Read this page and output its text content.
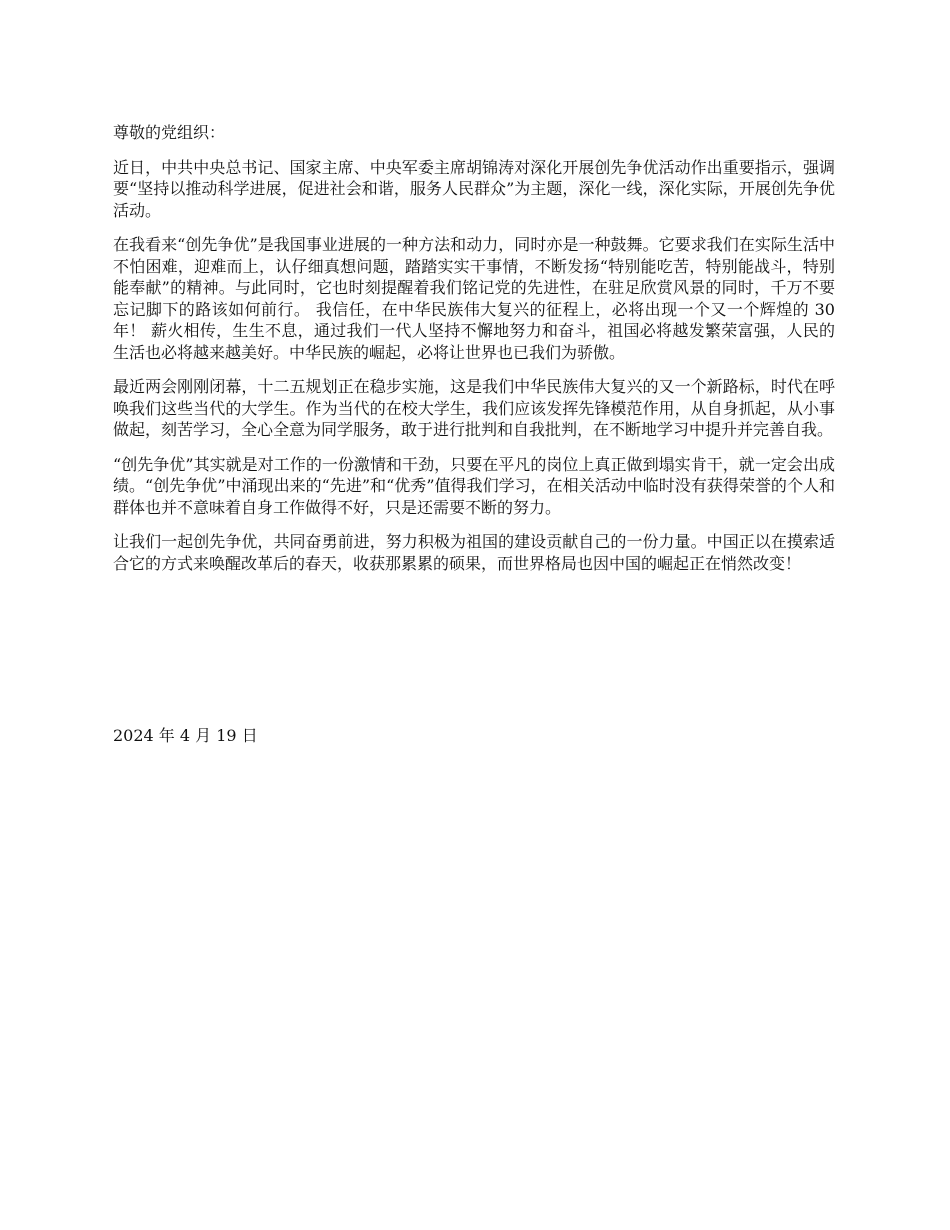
尊敬的党组织：

近日，中共中央总书记、国家主席、中央军委主席胡锦涛对深化开展创先争优活动作出重要指示，强调要“坚持以推动科学进展，促进社会和谐，服务人民群众”为主题，深化一线，深化实际，开展创先争优活动。

在我看来“创先争优”是我国事业进展的一种方法和动力，同时亦是一种鼓舞。它要求我们在实际生活中不怕困难，迎难而上，认仔细真想问题，踏踏实实干事情，不断发扬“特别能吃苦，特别能战斗，特别能奉献”的精神。与此同时，它也时刻提醒着我们铭记党的先进性，在驻足欣赏风景的同时，千万不要忘记脚下的路该如何前行。 我信任，在中华民族伟大复兴的征程上，必将出现一个又一个辉煌的 30 年！ 薪火相传，生生不息，通过我们一代人坚持不懈地努力和奋斗，祖国必将越发繁荣富强，人民的生活也必将越来越美好。中华民族的崛起，必将让世界也已我们为骄傲。

最近两会刚刚闭幕，十二五规划正在稳步实施，这是我们中华民族伟大复兴的又一个新路标，时代在呼唤我们这些当代的大学生。作为当代的在校大学生，我们应该发挥先锋模范作用，从自身抓起，从小事做起，刻苦学习，全心全意为同学服务，敢于进行批判和自我批判，在不断地学习中提升并完善自我。

“创先争优”其实就是对工作的一份激情和干劲，只要在平凡的岗位上真正做到塌实肯干，就一定会出成绩。“创先争优”中涌现出来的“先进”和“优秀”值得我们学习，在相关活动中临时没有获得荣誉的个人和群体也并不意味着自身工作做得不好，只是还需要不断的努力。

让我们一起创先争优，共同奋勇前进，努力积极为祖国的建设贡献自己的一份力量。中国正以在摸索适合它的方式来唤醒改革后的春天，收获那累累的硕果，而世界格局也因中国的崛起正在悄然改变！

2024 年 4 月 19 日
